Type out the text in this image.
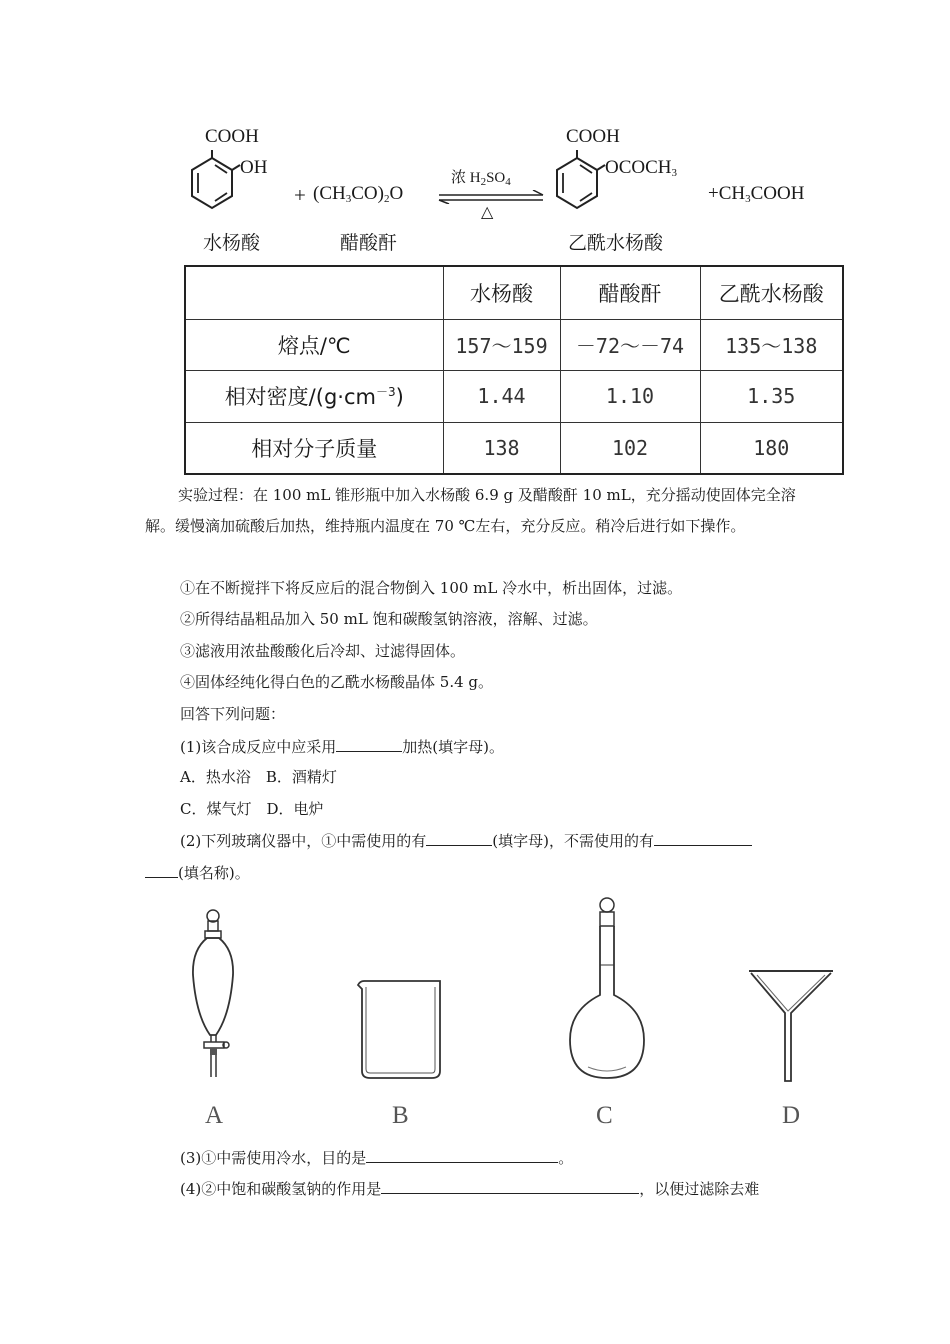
COOH
OH
水杨酸
+ $(CH_3CO)_2O$
醋酸酐
浓 $H_2SO_4$
△
COOH
$OCOCH_3$
乙酰水杨酸
$+CH_3COOH$
	水杨酸	醋酸酐	乙酰水杨酸
熔点/℃	157～159	－72～－74	135～138
相对密度$/(g\cdot cm^{-3})$	1.44	1.10	1.35
相对分子质量	138	102	180
实验过程：在 100 mL 锥形瓶中加入水杨酸 6.9 g 及醋酸酐 10 mL，充分摇动使固体完全溶解。缓慢滴加硫酸后加热，维持瓶内温度在 70 ℃左右，充分反应。稍冷后进行如下操作。
①在不断搅拌下将反应后的混合物倒入 100 mL 冷水中，析出固体，过滤。
②所得结晶粗品加入 50 mL 饱和碳酸氢钠溶液，溶解、过滤。
③滤液用浓盐酸酸化后冷却、过滤得固体。
④固体经纯化得白色的乙酰水杨酸晶体 5.4 g。
回答下列问题：
(1)该合成反应中应采用	加热(填字母)。
A．热水浴　B．酒精灯
C．煤气灯　D．电炉
(2)下列玻璃仪器中，①中需使用的有	(填字母)，不需使用的有
(填名称)。
A	B	C	D
(3)①中需使用冷水，目的是	。
(4)②中饱和碳酸氢钠的作用是	，以便过滤除去难
